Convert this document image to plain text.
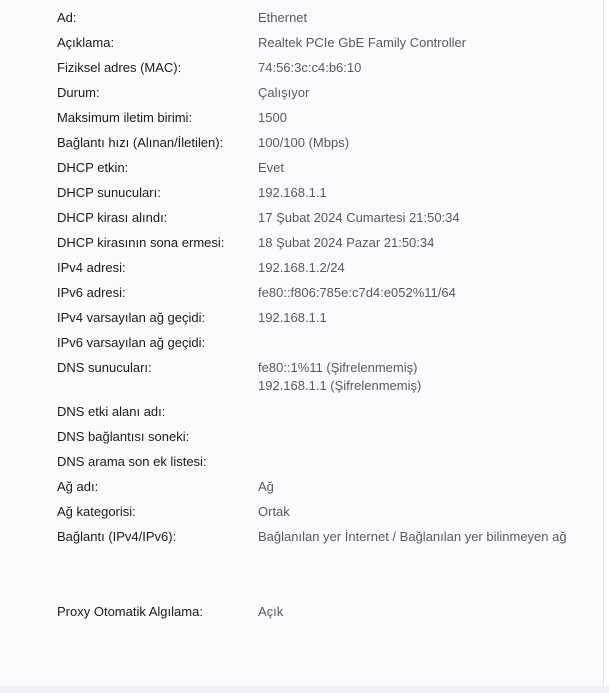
Ad:	Ethernet
Açıklama:	Realtek PCIe GbE Family Controller
Fiziksel adres (MAC):	74:56:3c:c4:b6:10
Durum:	Çalışıyor
Maksimum iletim birimi:	1500
Bağlantı hızı (Alınan/İletilen):	100/100 (Mbps)
DHCP etkin:	Evet
DHCP sunucuları:	192.168.1.1
DHCP kirası alındı:	17 Şubat 2024 Cumartesi 21:50:34
DHCP kirasının sona ermesi:	18 Şubat 2024 Pazar 21:50:34
IPv4 adresi:	192.168.1.2/24
IPv6 adresi:	fe80::f806:785e:c7d4:e052%11/64
IPv4 varsayılan ağ geçidi:	192.168.1.1
IPv6 varsayılan ağ geçidi:
DNS sunucuları:	fe80::1%11 (Şifrelenmemiş)
192.168.1.1 (Şifrelenmemiş)
DNS etki alanı adı:
DNS bağlantısı soneki:
DNS arama son ek listesi:
Ağ adı:	Ağ
Ağ kategorisi:	Ortak
Bağlantı (IPv4/IPv6):	Bağlanılan yer İnternet / Bağlanılan yer bilinmeyen ağ
Proxy Otomatik Algılama:	Açık
